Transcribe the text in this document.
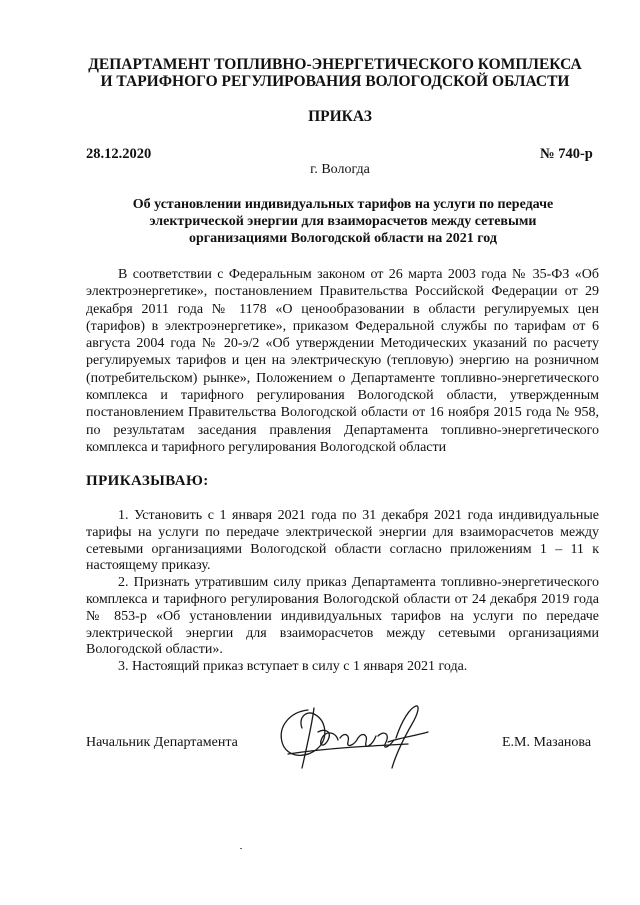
ДЕПАРТАМЕНТ ТОПЛИВНО-ЭНЕРГЕТИЧЕСКОГО КОМПЛЕКСА
И ТАРИФНОГО РЕГУЛИРОВАНИЯ ВОЛОГОДСКОЙ ОБЛАСТИ
ПРИКАЗ
28.12.2020	№ 740-р
г. Вологда
Об установлении индивидуальных тарифов на услуги по передаче
электрической энергии для взаиморасчетов между сетевыми
организациями Вологодской области на 2021 год

В соответствии с Федеральным законом от 26 марта 2003 года № 35-ФЗ «Об электроэнергетике», постановлением Правительства Российской Федерации от 29 декабря 2011 года № 1178 «О ценообразовании в области регулируемых цен (тарифов) в электроэнергетике», приказом Федеральной службы по тарифам от 6 августа 2004 года № 20-э/2 «Об утверждении Методических указаний по расчету регулируемых тарифов и цен на электрическую (тепловую) энергию на розничном (потребительском) рынке», Положением о Департаменте топливно-энергетического комплекса и тарифного регулирования Вологодской области, утвержденным постановлением Правительства Вологодской области от 16 ноября 2015 года № 958, по результатам заседания правления Департамента топливно-энергетического комплекса и тарифного регулирования Вологодской области

ПРИКАЗЫВАЮ:

1. Установить с 1 января 2021 года по 31 декабря 2021 года индивидуальные тарифы на услуги по передаче электрической энергии для взаиморасчетов между сетевыми организациями Вологодской области согласно приложениям 1 – 11 к настоящему приказу.

2. Признать утратившим силу приказ Департамента топливно-энергетического комплекса и тарифного регулирования Вологодской области от 24 декабря 2019 года № 853-р «Об установлении индивидуальных тарифов на услуги по передаче электрической энергии для взаиморасчетов между сетевыми организациями Вологодской области».

3. Настоящий приказ вступает в силу с 1 января 2021 года.

Начальник Департамента	Е.М. Мазанова
